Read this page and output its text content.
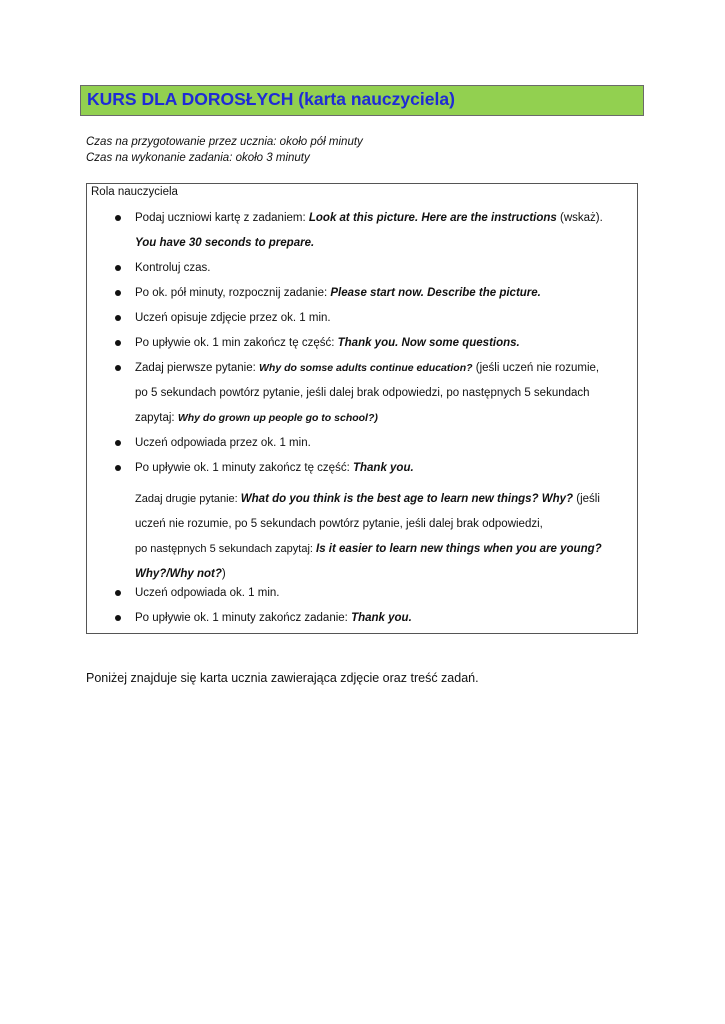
KURS DLA DOROSŁYCH (karta nauczyciela)
Czas na przygotowanie przez ucznia: około pół minuty
Czas na wykonanie zadania: około 3 minuty
Rola nauczyciela
Podaj uczniowi kartę z zadaniem: Look at this picture. Here are the instructions (wskaż).
You have 30 seconds to prepare.
Kontroluj czas.
Po ok. pół minuty, rozpocznij zadanie: Please start now. Describe the picture.
Uczeń opisuje zdjęcie przez ok. 1 min.
Po upływie ok. 1 min zakończ tę część: Thank you. Now some questions.
Zadaj pierwsze pytanie: Why do somse adults continue education? (jeśli uczeń nie rozumie,
po 5 sekundach powtórz pytanie, jeśli dalej brak odpowiedzi, po następnych 5 sekundach
zapytaj: Why do grown up people go to school?)
Uczeń odpowiada przez ok. 1 min.
Po upływie ok. 1 minuty zakończ tę część: Thank you.
Zadaj drugie pytanie: What do you think is the best age to learn new things? Why? (jeśli
uczeń nie rozumie, po 5 sekundach powtórz pytanie, jeśli dalej brak odpowiedzi,
po następnych 5 sekundach zapytaj: Is it easier to learn new things when you are young?
Why?/Why not?)
Uczeń odpowiada ok. 1 min.
Po upływie ok. 1 minuty zakończ zadanie: Thank you.
Poniżej znajduje się karta ucznia zawierająca zdjęcie oraz treść zadań.
